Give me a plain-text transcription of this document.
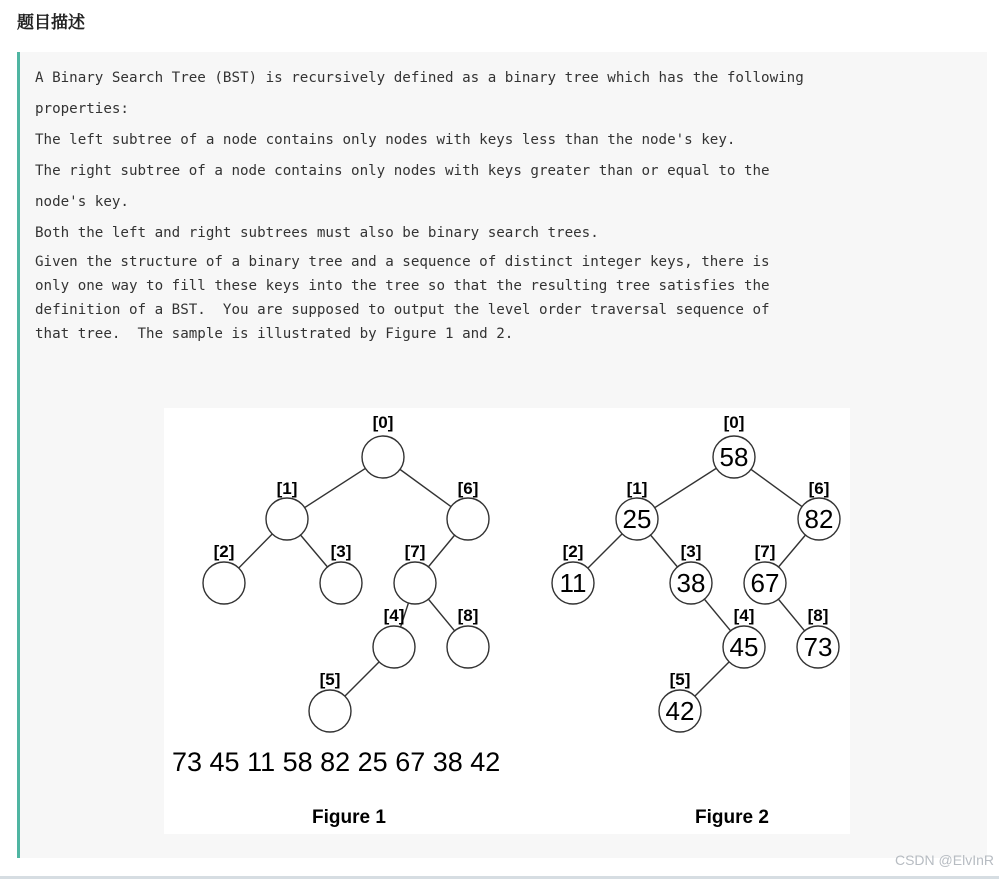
题目描述
A Binary Search Tree (BST) is recursively defined as a binary tree which has the following
properties:
The left subtree of a node contains only nodes with keys less than the node's key.
The right subtree of a node contains only nodes with keys greater than or equal to the
node's key.
Both the left and right subtrees must also be binary search trees.
Given the structure of a binary tree and a sequence of distinct integer keys, there is
only one way to fill these keys into the tree so that the resulting tree satisfies the
definition of a BST.  You are supposed to output the level order traversal sequence of
that tree.  The sample is illustrated by Figure 1 and 2.
[0]
[1]
[2]	[3]
[4]
[5]
[6]
[7]
[8]
73 45 11 58 82 25 67 38 42
Figure 1
[0]
[1]
[2]	[3]
[4]
[5]
[6]
[7]
[8]
58
25
11	38
45
42
82
67
73
Figure 2
CSDN @ElvInR
